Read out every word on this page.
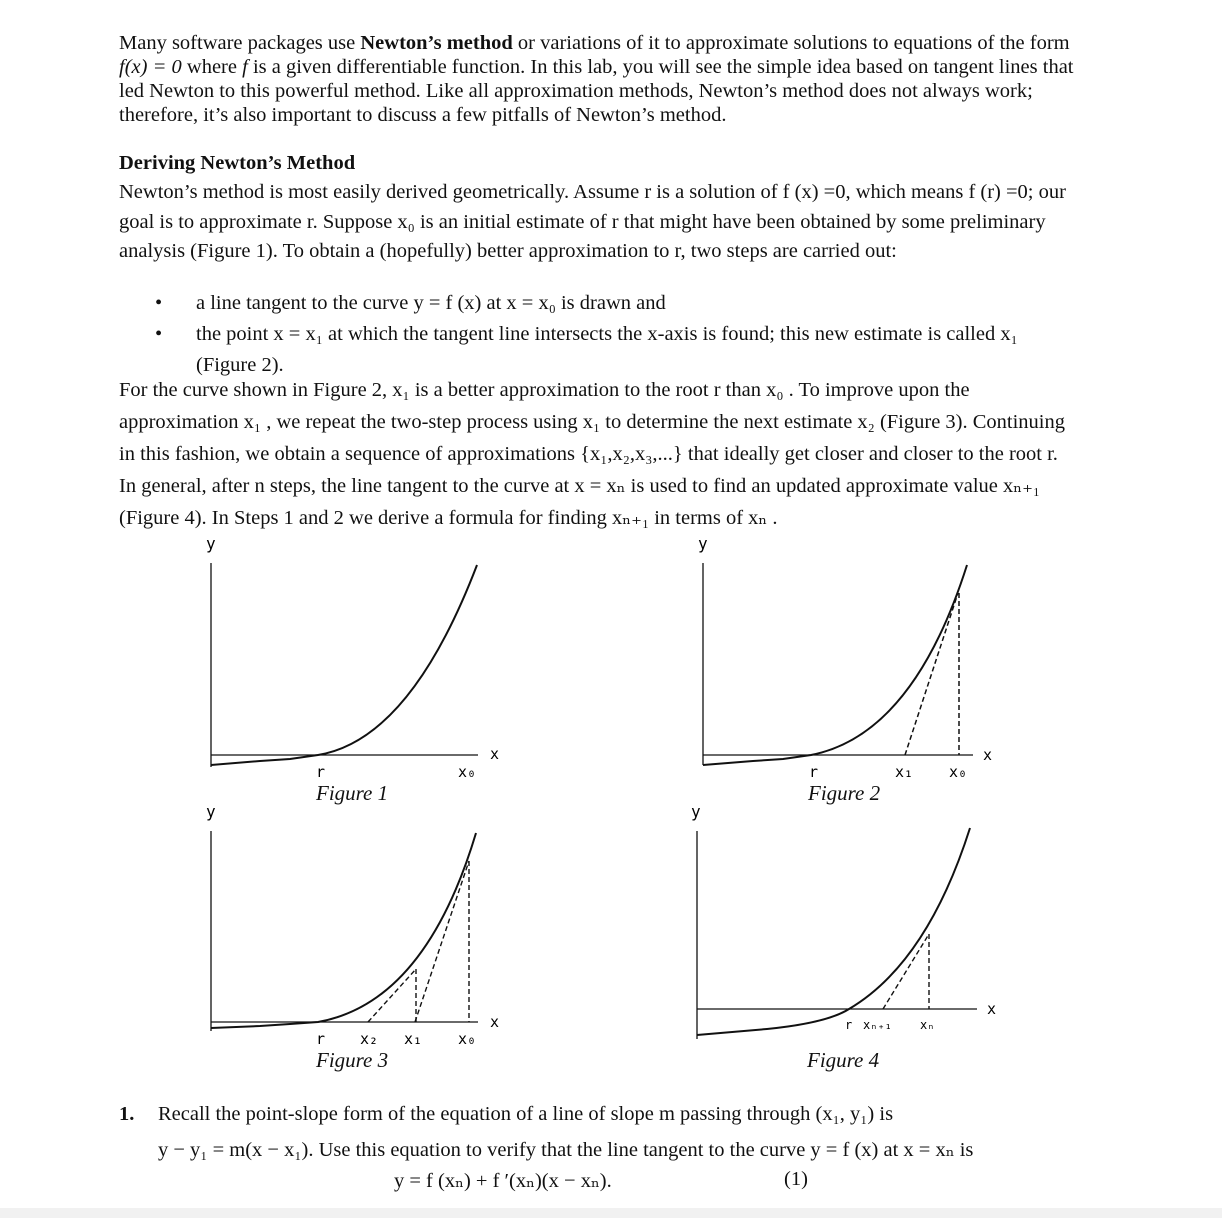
Many software packages use Newton’s method or variations of it to approximate solutions to equations of the form f(x) = 0 where f is a given differentiable function. In this lab, you will see the simple idea based on tangent lines that led Newton to this powerful method. Like all approximation methods, Newton’s method does not always work; therefore, it’s also important to discuss a few pitfalls of Newton’s method.
Deriving Newton’s Method
Newton’s method is most easily derived geometrically. Assume r is a solution of f (x) =0, which means f (r) =0; our goal is to approximate r. Suppose x₀ is an initial estimate of r that might have been obtained by some preliminary analysis (Figure 1). To obtain a (hopefully) better approximation to r, two steps are carried out:
• a line tangent to the curve y = f (x) at x = x₀ is drawn and
• the point x = x₁ at which the tangent line intersects the x-axis is found; this new estimate is called x₁ (Figure 2).
For the curve shown in Figure 2, x₁ is a better approximation to the root r than x₀ . To improve upon the approximation x₁ , we repeat the two-step process using x₁ to determine the next estimate x₂ (Figure 3). Continuing in this fashion, we obtain a sequence of approximations {x₁,x₂,x₃,...} that ideally get closer and closer to the root r. In general, after n steps, the line tangent to the curve at x = xₙ is used to find an updated approximate value xₙ₊₁ (Figure 4). In Steps 1 and 2 we derive a formula for finding xₙ₊₁ in terms of xₙ .
y
x
r	x₀
Figure 1
y
x
r	x₁ x₀
Figure 2
y
x
r x₂ x₁ x₀
Figure 3
y
x
r xₙ₊₁ xₙ
Figure 4
1. Recall the point-slope form of the equation of a line of slope m passing through (x₁, y₁) is
y − y₁ = m(x − x₁). Use this equation to verify that the line tangent to the curve y = f (x) at x = xₙ is
y = f (xₙ) + f ′(xₙ)(x − xₙ).	(1)
